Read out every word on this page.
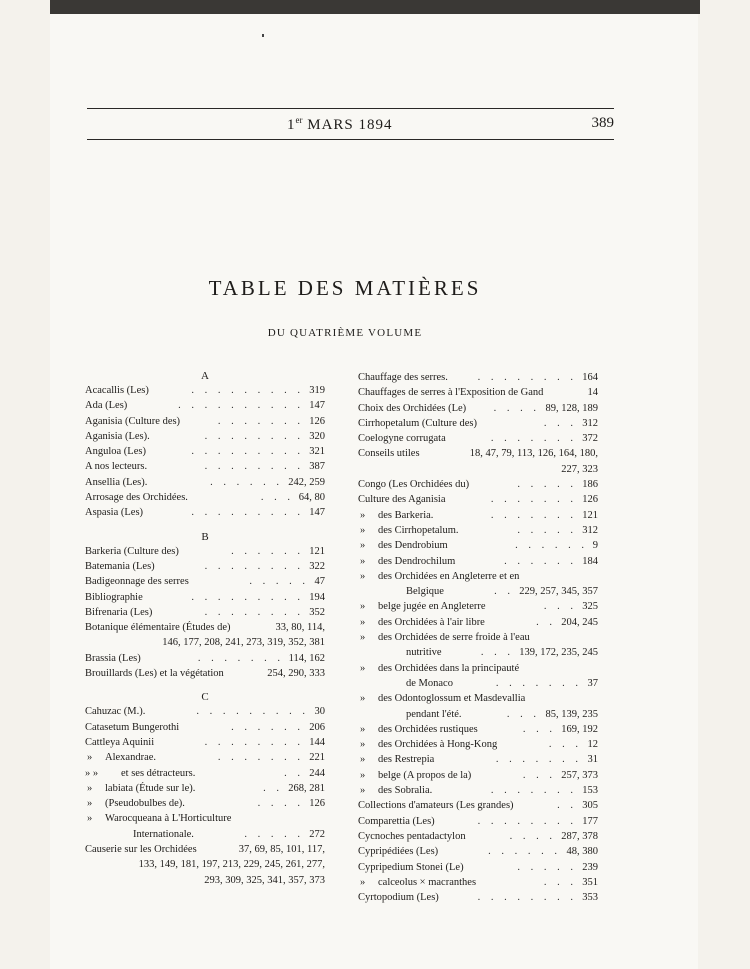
1er MARS 1894	389
TABLE DES MATIÈRES
DU QUATRIÈME VOLUME
A
Acacallis (Les)	. . . . . . . . . 319
Ada (Les)	. . . . . . . . . . 147
Aganisia (Culture des)	. . . . . . . 126
Aganisia (Les).	. . . . . . . . 320
Anguloa (Les)	. . . . . . . . . 321
A nos lecteurs.	. . . . . . . . 387
Ansellia (Les).	. . . . . . 242, 259
Arrosage des Orchidées.	. . . 64, 80
Aspasia (Les)	. . . . . . . . . 147
B
Barkeria (Culture des)	. . . . . . 121
Batemania (Les)	. . . . . . . . 322
Badigeonnage des serres	. . . . . 47
Bibliographie	. . . . . . . . . 194
Bifrenaria (Les)	. . . . . . . . 352
Botanique élémentaire (Études de)	33, 80, 114,
146, 177, 208, 241, 273, 319, 352, 381
Brassia (Les)	. . . . . . . 114, 162
Brouillards (Les) et la végétation	254, 290, 333
C
Cahuzac (M.).	. . . . . . . . . 30
Catasetum Bungerothi	. . . . . . 206
Cattleya Aquinii	. . . . . . . . 144
» Alexandrae.	. . . . . . . 221
» » et ses détracteurs.	. . 244
» labiata (Étude sur le).	. . 268, 281
» (Pseudobulbes de).	. . . . 126
» Warocqueana à L'Horticulture
Internationale.	. . . . . 272
Causerie sur les Orchidées	37, 69, 85, 101, 117,
133, 149, 181, 197, 213, 229, 245, 261, 277,
293, 309, 325, 341, 357, 373
Chauffage des serres.	. . . . . . . . 164
Chauffages de serres à l'Exposition de Gand	14
Choix des Orchidées (Le)	. . . . 89, 128, 189
Cirrhopetalum (Culture des)	. . . 312
Coelogyne corrugata	. . . . . . . 372
Conseils utiles	18, 47, 79, 113, 126, 164, 180,
227, 323
Congo (Les Orchidées du)	. . . . . 186
Culture des Aganisia	. . . . . . . 126
» des Barkeria.	. . . . . . . 121
» des Cirrhopetalum.	. . . . . 312
» des Dendrobium	. . . . . . 9
» des Dendrochilum	. . . . . . 184
» des Orchidées en Angleterre et en
Belgique	. . 229, 257, 345, 357
» belge jugée en Angleterre	. . . 325
» des Orchidées à l'air libre	. . 204, 245
» des Orchidées de serre froide à l'eau
nutritive	. . . 139, 172, 235, 245
» des Orchidées dans la principauté
de Monaco	. . . . . . . 37
» des Odontoglossum et Masdevallia
pendant l'été.	. . . 85, 139, 235
» des Orchidées rustiques	. . . 169, 192
» des Orchidées à Hong-Kong	. . . 12
» des Restrepia	. . . . . . . 31
» belge (A propos de la)	. . . 257, 373
» des Sobralia.	. . . . . . . 153
Collections d'amateurs (Les grandes)	. . 305
Comparettia (Les)	. . . . . . . . 177
Cycnoches pentadactylon	. . . . 287, 378
Cypripédiées (Les)	. . . . . . 48, 380
Cypripedium Stonei (Le)	. . . . . 239
» calceolus × macranthes	. . . 351
Cyrtopodium (Les)	. . . . . . . . 353
